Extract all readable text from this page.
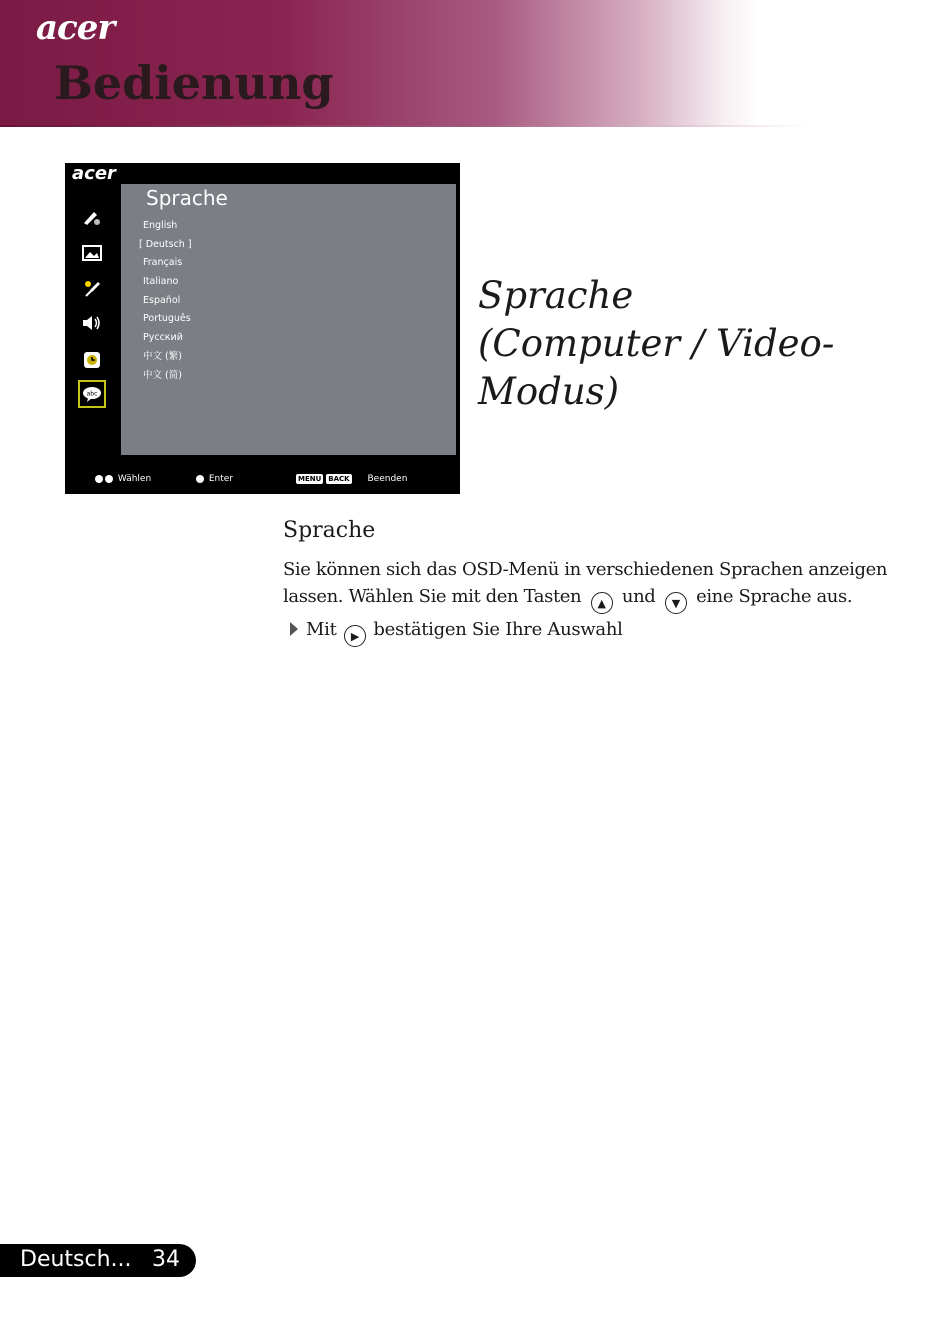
acer
Bedienung
acer
abc
Sprache
English
[ Deutsch ]
Français
Italiano
Español
Português
Русский
中文 (繁)
中文 (简)
Wählen	Enter	MENU BACK Beenden
Sprache
(Computer / Video-
Modus)
Sprache
Sie können sich das OSD-Menü in verschiedenen Sprachen anzeigen lassen. Wählen Sie mit den Tasten ▲ und ▼ eine Sprache aus.
Mit ▶ bestätigen Sie Ihre Auswahl
Deutsch... 34
